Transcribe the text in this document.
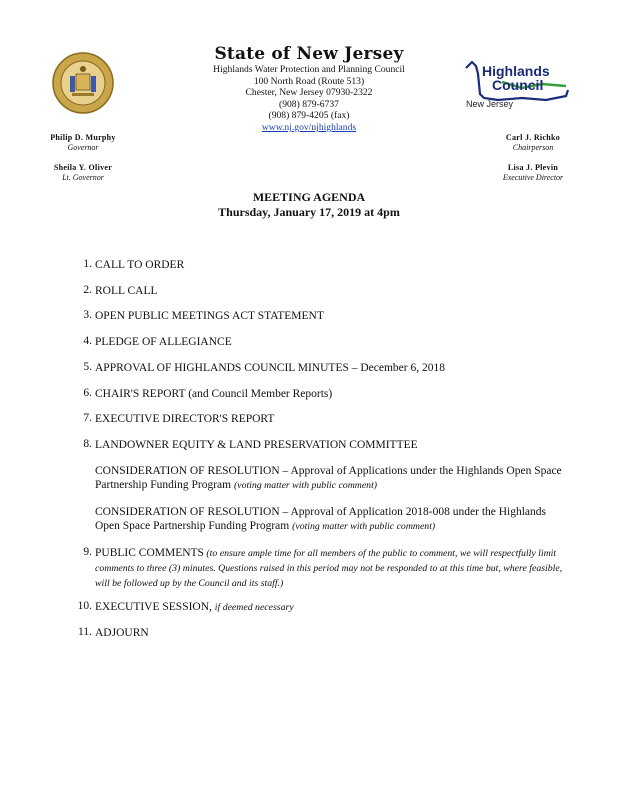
State of New Jersey
Highlands Water Protection and Planning Council
100 North Road (Route 513)
Chester, New Jersey 07930-2322
(908) 879-6737
(908) 879-4205 (fax)
www.nj.gov/njhighlands
Highlands
Council
New Jersey
Philip D. Murphy
Governor
Sheila Y. Oliver
Lt. Governor
Carl J. Richko
Chairperson
Lisa J. Plevin
Executive Director
MEETING AGENDA
Thursday, January 17, 2019 at 4pm
1. CALL TO ORDER
2. ROLL CALL
3. OPEN PUBLIC MEETINGS ACT STATEMENT
4. PLEDGE OF ALLEGIANCE
5. APPROVAL OF HIGHLANDS COUNCIL MINUTES – December 6, 2018
6. CHAIR'S REPORT (and Council Member Reports)
7. EXECUTIVE DIRECTOR'S REPORT
8. LANDOWNER EQUITY & LAND PRESERVATION COMMITTEE
CONSIDERATION OF RESOLUTION – Approval of Applications under the Highlands Open Space Partnership Funding Program (voting matter with public comment)
CONSIDERATION OF RESOLUTION – Approval of Application 2018-008 under the Highlands Open Space Partnership Funding Program (voting matter with public comment)
9. PUBLIC COMMENTS (to ensure ample time for all members of the public to comment, we will respectfully limit comments to three (3) minutes. Questions raised in this period may not be responded to at this time but, where feasible, will be followed up by the Council and its staff.)
10. EXECUTIVE SESSION, if deemed necessary
11. ADJOURN
